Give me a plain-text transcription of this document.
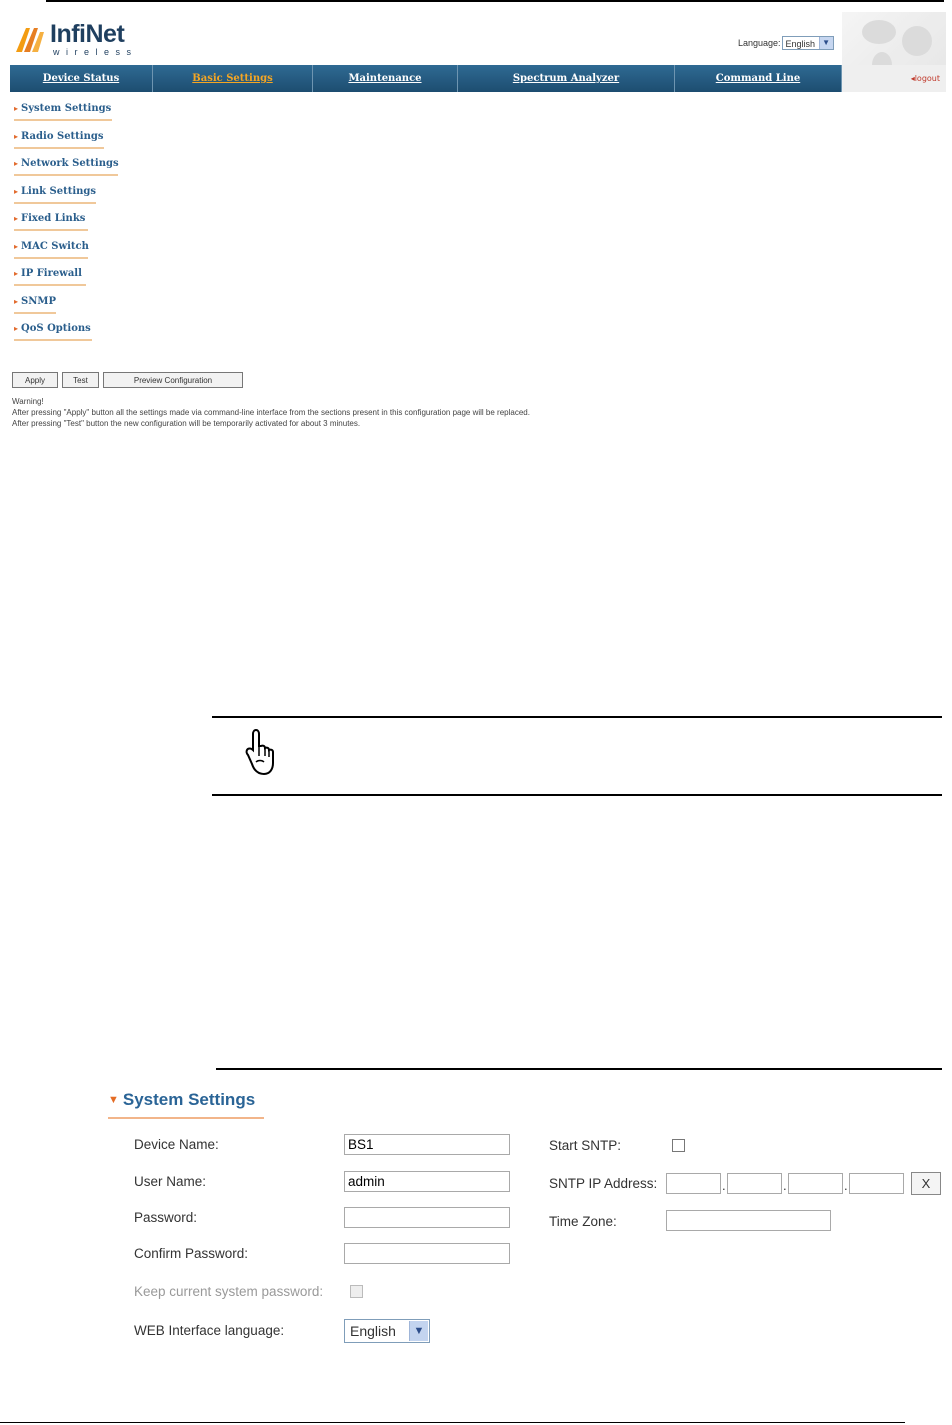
InfiNet
wireless
Language: English ▼
Device Status	Basic Settings	Maintenance	Spectrum Analyzer	Command Line	◂logout
▸ System Settings
▸ Radio Settings
▸ Network Settings
▸ Link Settings
▸ Fixed Links
▸ MAC Switch
▸ IP Firewall
▸ SNMP
▸ QoS Options
Apply	Test	Preview Configuration
Warning!
After pressing "Apply" button all the settings made via command-line interface from the sections present in this configuration page will be replaced.
After pressing "Test" button the new configuration will be temporarily activated for about 3 minutes.
▼ System Settings
Device Name:	BS1
User Name:	admin
Password:
Confirm Password:
Keep current system password:
WEB Interface language:	English	▼
Start SNTP:
SNTP IP Address:	.	.	.	X
Time Zone:
